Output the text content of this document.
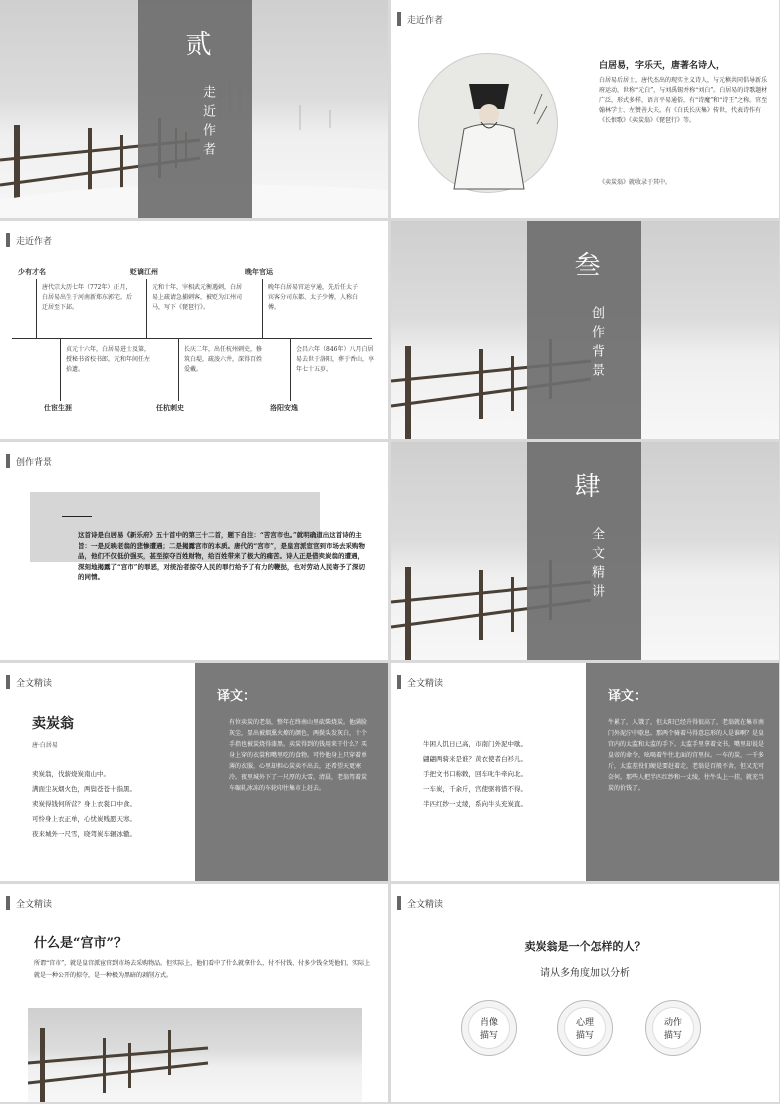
贰
走近作者
走近作者
白居易，字乐天，唐著名诗人，
白居易后居士，唐代杰出的现实主义诗人，与元稹共同倡导新乐府运动，世称“元白”，与刘禹锡并称“刘白”。白居易的诗歌题材广泛，形式多样，语言平易通俗，有“诗魔”和“诗王”之称。官至翰林学士、左赞善大夫。有《白氏长庆集》传世，代表诗作有《长恨歌》《卖炭翁》《琵琶行》等。
《卖炭翁》就收录于其中。
走近作者
少有才名
唐代宗大历七年（772年）正月，白居易出生于河南新郑东郭宅，后迁居至下邽。
贬谪江州
元和十年，宰相武元衡遇刺，白居易上疏请急捕刺客，被贬为江州司马，写下《琵琶行》。
晚年官运
晚年白居易官运亨通，先后任太子宾客分司东都、太子少傅，人称白傅。
贞元十六年，白居易进士及第，授秘书省校书郎，元和年间任左拾遗。
仕宦生涯
长庆二年，出任杭州刺史，修筑白堤，疏浚六井，深得百姓爱戴。
任杭刺史
会昌六年（846年）八月白居易去世于洛阳，葬于香山，享年七十五岁。
洛阳安逸
叁
创作背景
创作背景
这首诗是白居易《新乐府》五十首中的第三十二首，题下自注：“苦宫市也。”就明确道出这首诗的主旨：一是反映老翁的悲惨遭遇；二是揭露宫市的本质。唐代的“宫市”，是皇宫派宦官到市场去采购物品，他们不仅低价强买，甚至掠夺百姓财物，给百姓带来了极大的痛苦。诗人正是借卖炭翁的遭遇，深刻地揭露了“宫市”的罪恶，对统治者掠夺人民的罪行给予了有力的鞭挞，也对劳动人民寄予了深切的同情。
肆
全文精讲
全文精读
卖炭翁
唐·白居易
卖炭翁，伐薪烧炭南山中。
满面尘灰烟火色，两鬓苍苍十指黑。
卖炭得钱何所营？身上衣裳口中食。
可怜身上衣正单，心忧炭贱愿天寒。
夜来城外一尺雪，晓驾炭车辗冰辙。
译文：
有位卖炭的老翁，整年在终南山里砍柴烧炭。他满脸灰尘，显出被烟熏火燎的颜色，两鬓头发灰白，十个手指也被炭烧得漆黑。卖炭得到的钱用来干什么？买身上穿的衣裳和嘴里吃的食物。可怜他身上只穿着单薄的衣服，心里却担心炭卖不出去，还希望天更寒冷。夜里城外下了一尺厚的大雪，清晨，老翁驾着炭车碾轧冰冻的车轮印往集市上赶去。
全文精读
牛困人饥日已高，市南门外泥中歇。
翩翩两骑来是谁？黄衣使者白衫儿。
手把文书口称敕，回车叱牛牵向北。
一车炭，千余斤，宫使驱将惜不得。
半匹红纱一丈绫，系向牛头充炭直。
译文：
牛累了，人饿了，但太阳已经升得很高了，老翁就在集市南门外泥泞中歇息。那两个骑着马得意忘形的人是谁啊？是皇宫内的太监和太监的手下。太监手里拿着文书，嘴里却说是皇帝的命令，吆喝着牛往北面的宫里拉。一车的炭，一千多斤，太监差役们硬是要赶着走，老翁是百般不舍，但又无可奈何。那些人把半匹红纱和一丈绫，往牛头上一挂，就充当炭的价钱了。
全文精读
什么是“宫市”？
所谓“宫市”，就是皇宫派宦官到市场去采购物品。但实际上，他们看中了什么就拿什么，付不付钱、付多少钱全凭他们，实际上就是一种公开的掠夺，是一种极为黑暗的剥削方式。
全文精读
卖炭翁是一个怎样的人？
请从多角度加以分析
肖像
描写
心理
描写
动作
描写
